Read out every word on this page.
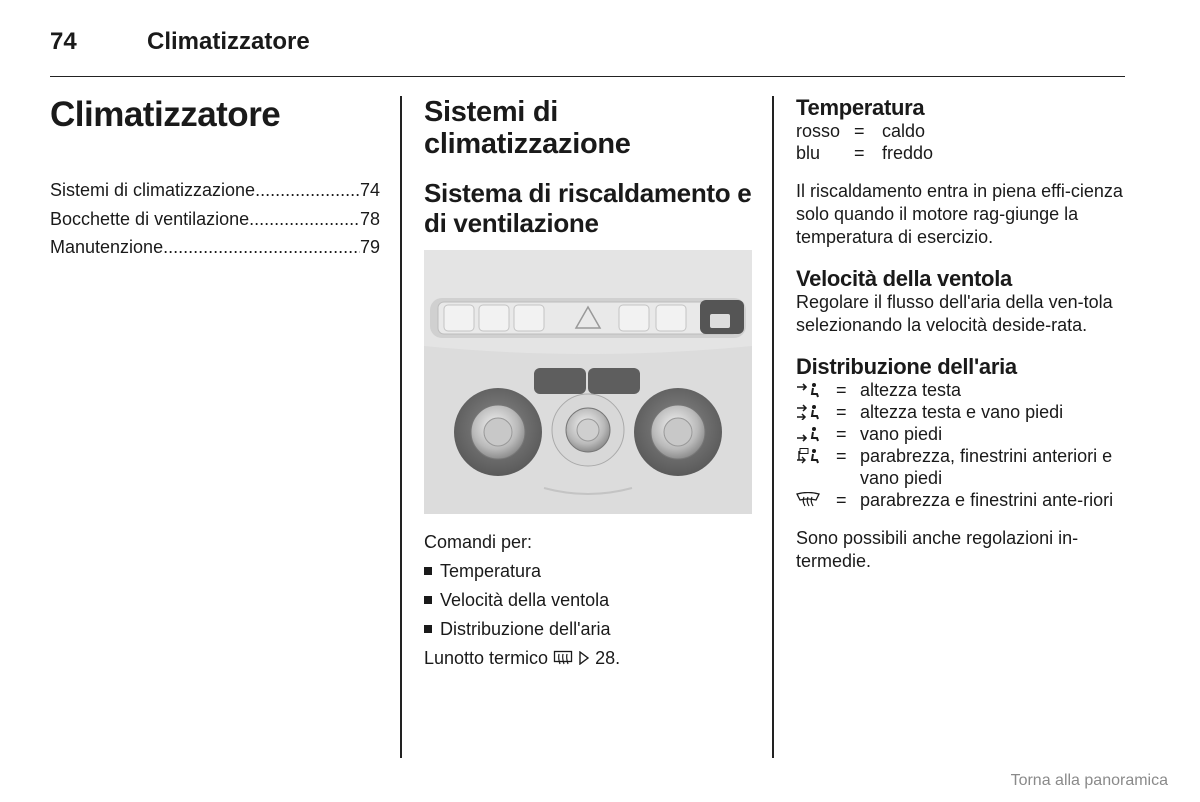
74	Climatizzatore
Climatizzatore
Sistemi di climatizzazione .....	74
Bocchette di ventilazione .....	78
Manutenzione .....	79
Sistemi di climatizzazione
Sistema di riscaldamento e di ventilazione

Comandi per:

Temperatura
Velocità della ventola
Distribuzione dell'aria

Lunotto termico	28.

Temperatura
rosso = caldo
blu	= freddo

Il riscaldamento entra in piena effi-cienza solo quando il motore rag-giunge la temperatura di esercizio.

Velocità della ventola

Regolare il flusso dell'aria della ven-tola selezionando la velocità deside-rata.

Distribuzione dell'aria
= altezza testa
= altezza testa e vano piedi
= vano piedi
= parabrezza, finestrini anteriori e vano piedi
= parabrezza e finestrini ante-riori

Sono possibili anche regolazioni in-termedie.

Torna alla panoramica
